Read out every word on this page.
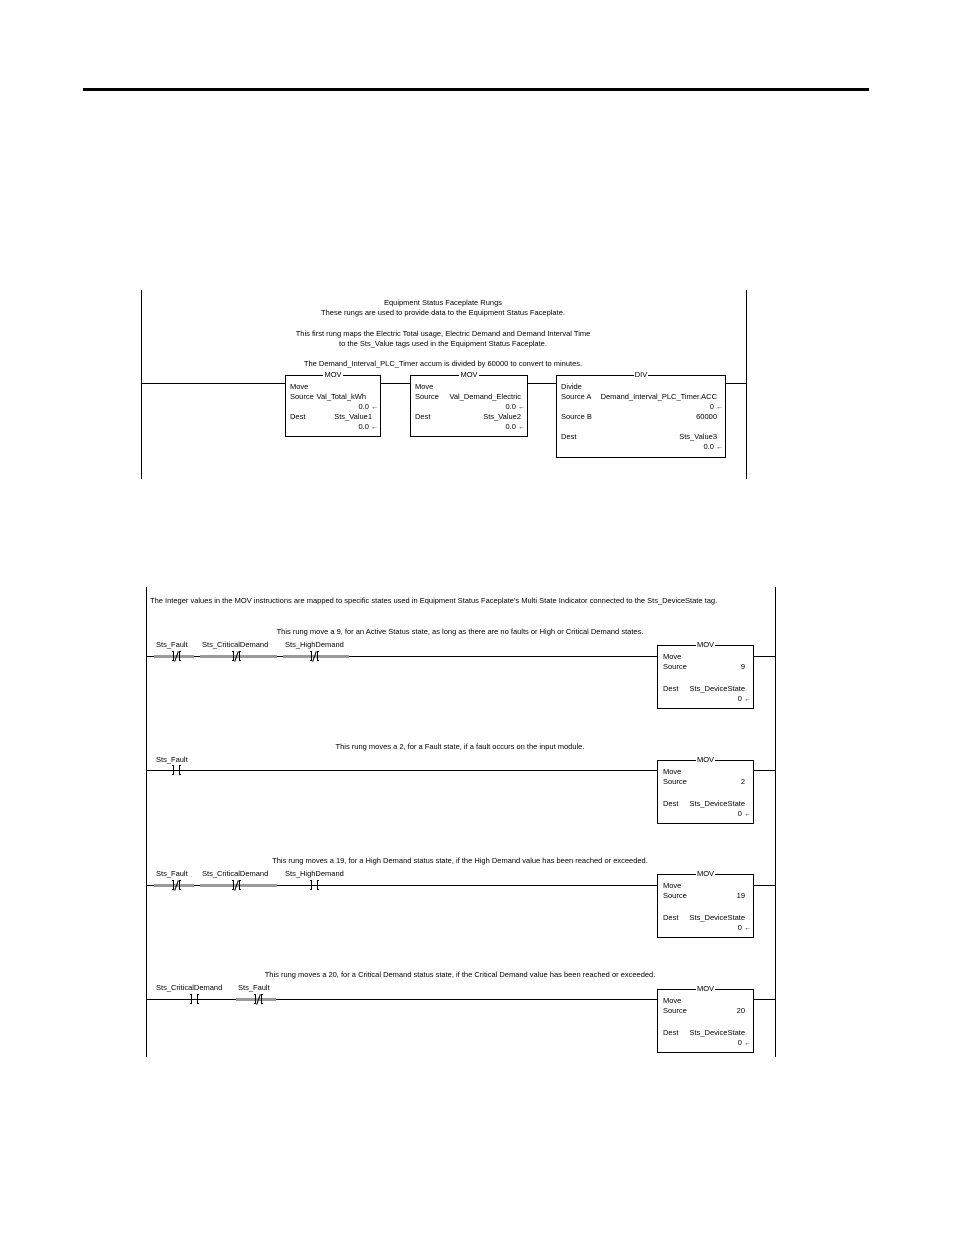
Equipment Status Faceplate Rungs
These rungs are used to provide data to the Equipment Status Faceplate.
This first rung maps the Electric Total usage, Electric Demand and Demand Interval Time
to the Sts_Value tags used in the Equipment Status Faceplate.
The Demand_Interval_PLC_Timer accum is divided by 60000 to convert to minutes.
MOV
Move
Source Val_Total_kWh
0.0 ←
Dest	Sts_Value1
0.0 ←
MOV
Move
Source Val_Demand_Electric
0.0 ←
Dest	Sts_Value2
0.0 ←
DIV
Divide
Source A Demand_Interval_PLC_Timer.ACC
0 ←
Source B	60000
Dest	Sts_Value3
0.0 ←
The Integer values in the MOV instructions are mapped to specific states used in Equipment Status Faceplate's Multi State Indicator connected to the Sts_DeviceState tag.
This rung move a 9, for an Active Status state, as long as there are no faults or High or Critical Demand states.
Sts_Fault Sts_CriticalDemand Sts_HighDemand	MOV
Move
Source	9
Dest Sts_DeviceState
0 ←
This rung moves a 2, for a Fault state, if a fault occurs on the input module.
Sts_Fault	MOV
Move
Source	2
Dest Sts_DeviceState
0 ←
This rung moves a 19, for a High Demand status state, if the High Demand value has been reached or exceeded.
Sts_Fault Sts_CriticalDemand Sts_HighDemand	MOV
Move
Source	19
Dest Sts_DeviceState
0 ←
This rung moves a 20, for a Critical Demand status state, if the Critical Demand value has been reached or exceeded.
Sts_CriticalDemand Sts_Fault	MOV
Move
Source	20
Dest Sts_DeviceState
0 ←
